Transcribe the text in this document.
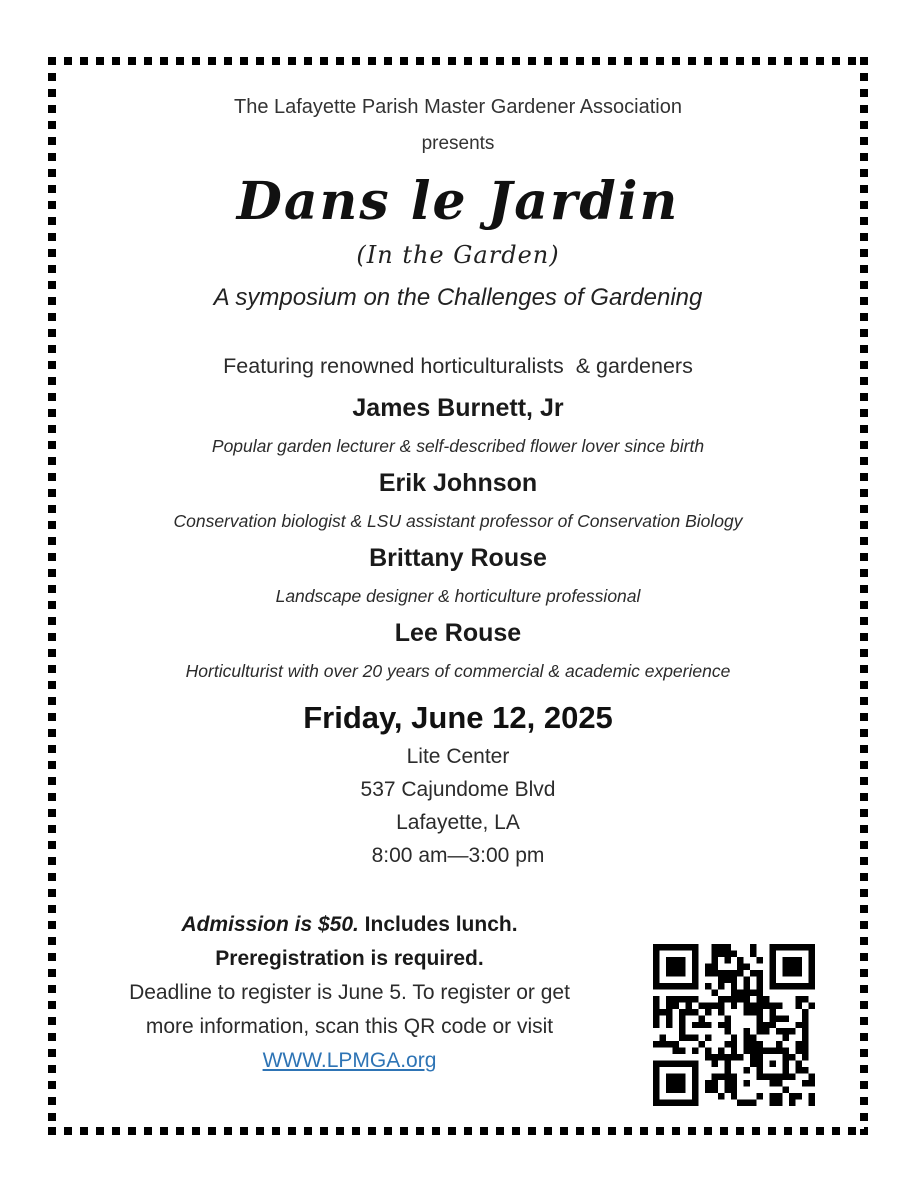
The Lafayette Parish Master Gardener Association
presents
Dans le Jardin
(In the Garden)
A symposium on the Challenges of Gardening
Featuring renowned horticulturalists  & gardeners
James Burnett, Jr
Popular garden lecturer & self-described flower lover since birth
Erik Johnson
Conservation biologist & LSU assistant professor of Conservation Biology
Brittany Rouse
Landscape designer & horticulture professional
Lee Rouse
Horticulturist with over 20 years of commercial & academic experience
Friday, June 12, 2025
Lite Center
537 Cajundome Blvd
Lafayette, LA
8:00 am—3:00 pm
Admission is $50. Includes lunch.
Preregistration is required.
Deadline to register is June 5. To register or get
more information, scan this QR code or visit
WWW.LPMGA.org
